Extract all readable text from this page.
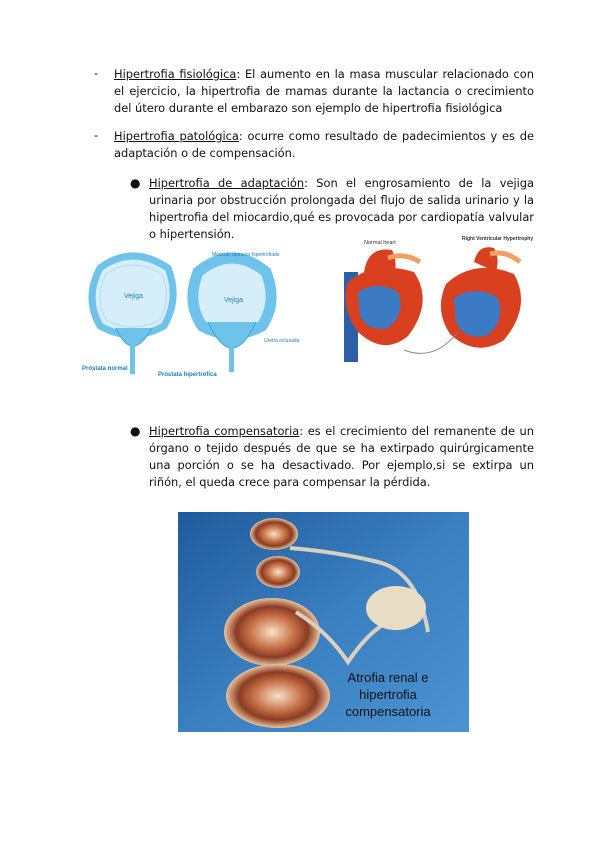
- Hipertrofia fisiológica: El aumento en la masa muscular relacionado con el ejercicio, la hipertrofia de mamas durante la lactancia o crecimiento del útero durante el embarazo son ejemplo de hipertrofia fisiológica
- Hipertrofia patológica: ocurre como resultado de padecimientos y es de adaptación o de compensación.
● Hipertrofia de adaptación: Son el engrosamiento de la vejiga urinaria por obstrucción prolongada del flujo de salida urinario y la hipertrofia del miocardio,qué es provocada por cardiopatía valvular o hipertensión.
Vejiga
Vejiga
Músculo detrusor hipertrofiado
Uretra oclusada
Próstata normal
Próstata hipertrófica
Normal heart
Right Ventricular Hypertrophy
● Hipertrofia compensatoria: es el crecimiento del remanente de un órgano o tejido después de que se ha extirpado quirúrgicamente una porción o se ha desactivado. Por ejemplo,si se extirpa un riñón, el queda crece para compensar la pérdida.
Atrofia renal e
hipertrofia
compensatoria
